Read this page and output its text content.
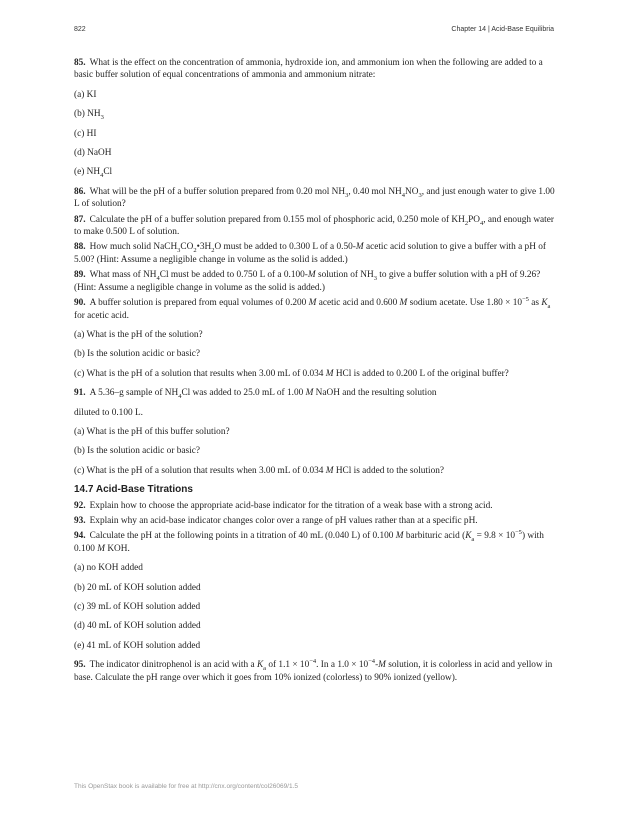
822	Chapter 14 | Acid-Base Equilibria

85. What is the effect on the concentration of ammonia, hydroxide ion, and ammonium ion when the following are added to a basic buffer solution of equal concentrations of ammonia and ammonium nitrate:

(a) KI

(b) $NH_3$

(c) HI

(d) NaOH

(e) $NH_4Cl$

86. What will be the pH of a buffer solution prepared from 0.20 mol $NH_3$, 0.40 mol $NH_4NO_3$, and just enough water to give 1.00 L of solution?

87. Calculate the pH of a buffer solution prepared from 0.155 mol of phosphoric acid, 0.250 mole of $KH_2PO_4$, and enough water to make 0.500 L of solution.

88. How much solid $NaCH_3CO_2•3H_2O$ must be added to 0.300 L of a 0.50-M acetic acid solution to give a buffer with a pH of 5.00? (Hint: Assume a negligible change in volume as the solid is added.)

89. What mass of $NH_4Cl$ must be added to 0.750 L of a 0.100-M solution of $NH_3$ to give a buffer solution with a pH of 9.26? (Hint: Assume a negligible change in volume as the solid is added.)

90. A buffer solution is prepared from equal volumes of 0.200 M acetic acid and 0.600 M sodium acetate. Use $1.80 \times 10^{-5}$ as $K_a$ for acetic acid.

(a) What is the pH of the solution?

(b) Is the solution acidic or basic?

(c) What is the pH of a solution that results when 3.00 mL of 0.034 M HCl is added to 0.200 L of the original buffer?

91. A 5.36–g sample of $NH_4Cl$ was added to 25.0 mL of 1.00 M NaOH and the resulting solution

diluted to 0.100 L.

(a) What is the pH of this buffer solution?

(b) Is the solution acidic or basic?

(c) What is the pH of a solution that results when 3.00 mL of 0.034 M HCl is added to the solution?

14.7 Acid-Base Titrations

92. Explain how to choose the appropriate acid-base indicator for the titration of a weak base with a strong acid.

93. Explain why an acid-base indicator changes color over a range of pH values rather than at a specific pH.

94. Calculate the pH at the following points in a titration of 40 mL (0.040 L) of 0.100 M barbituric acid $(K_a = 9.8 \times 10^{-5})$ with 0.100 M KOH.

(a) no KOH added

(b) 20 mL of KOH solution added

(c) 39 mL of KOH solution added

(d) 40 mL of KOH solution added

(e) 41 mL of KOH solution added

95. The indicator dinitrophenol is an acid with a $K_a$ of $1.1 \times 10^{-4}$. In a $1.0 \times 10^{-4}-M$ solution, it is colorless in acid and yellow in base. Calculate the pH range over which it goes from 10% ionized (colorless) to 90% ionized (yellow).

This OpenStax book is available for free at http://cnx.org/content/col26069/1.5
